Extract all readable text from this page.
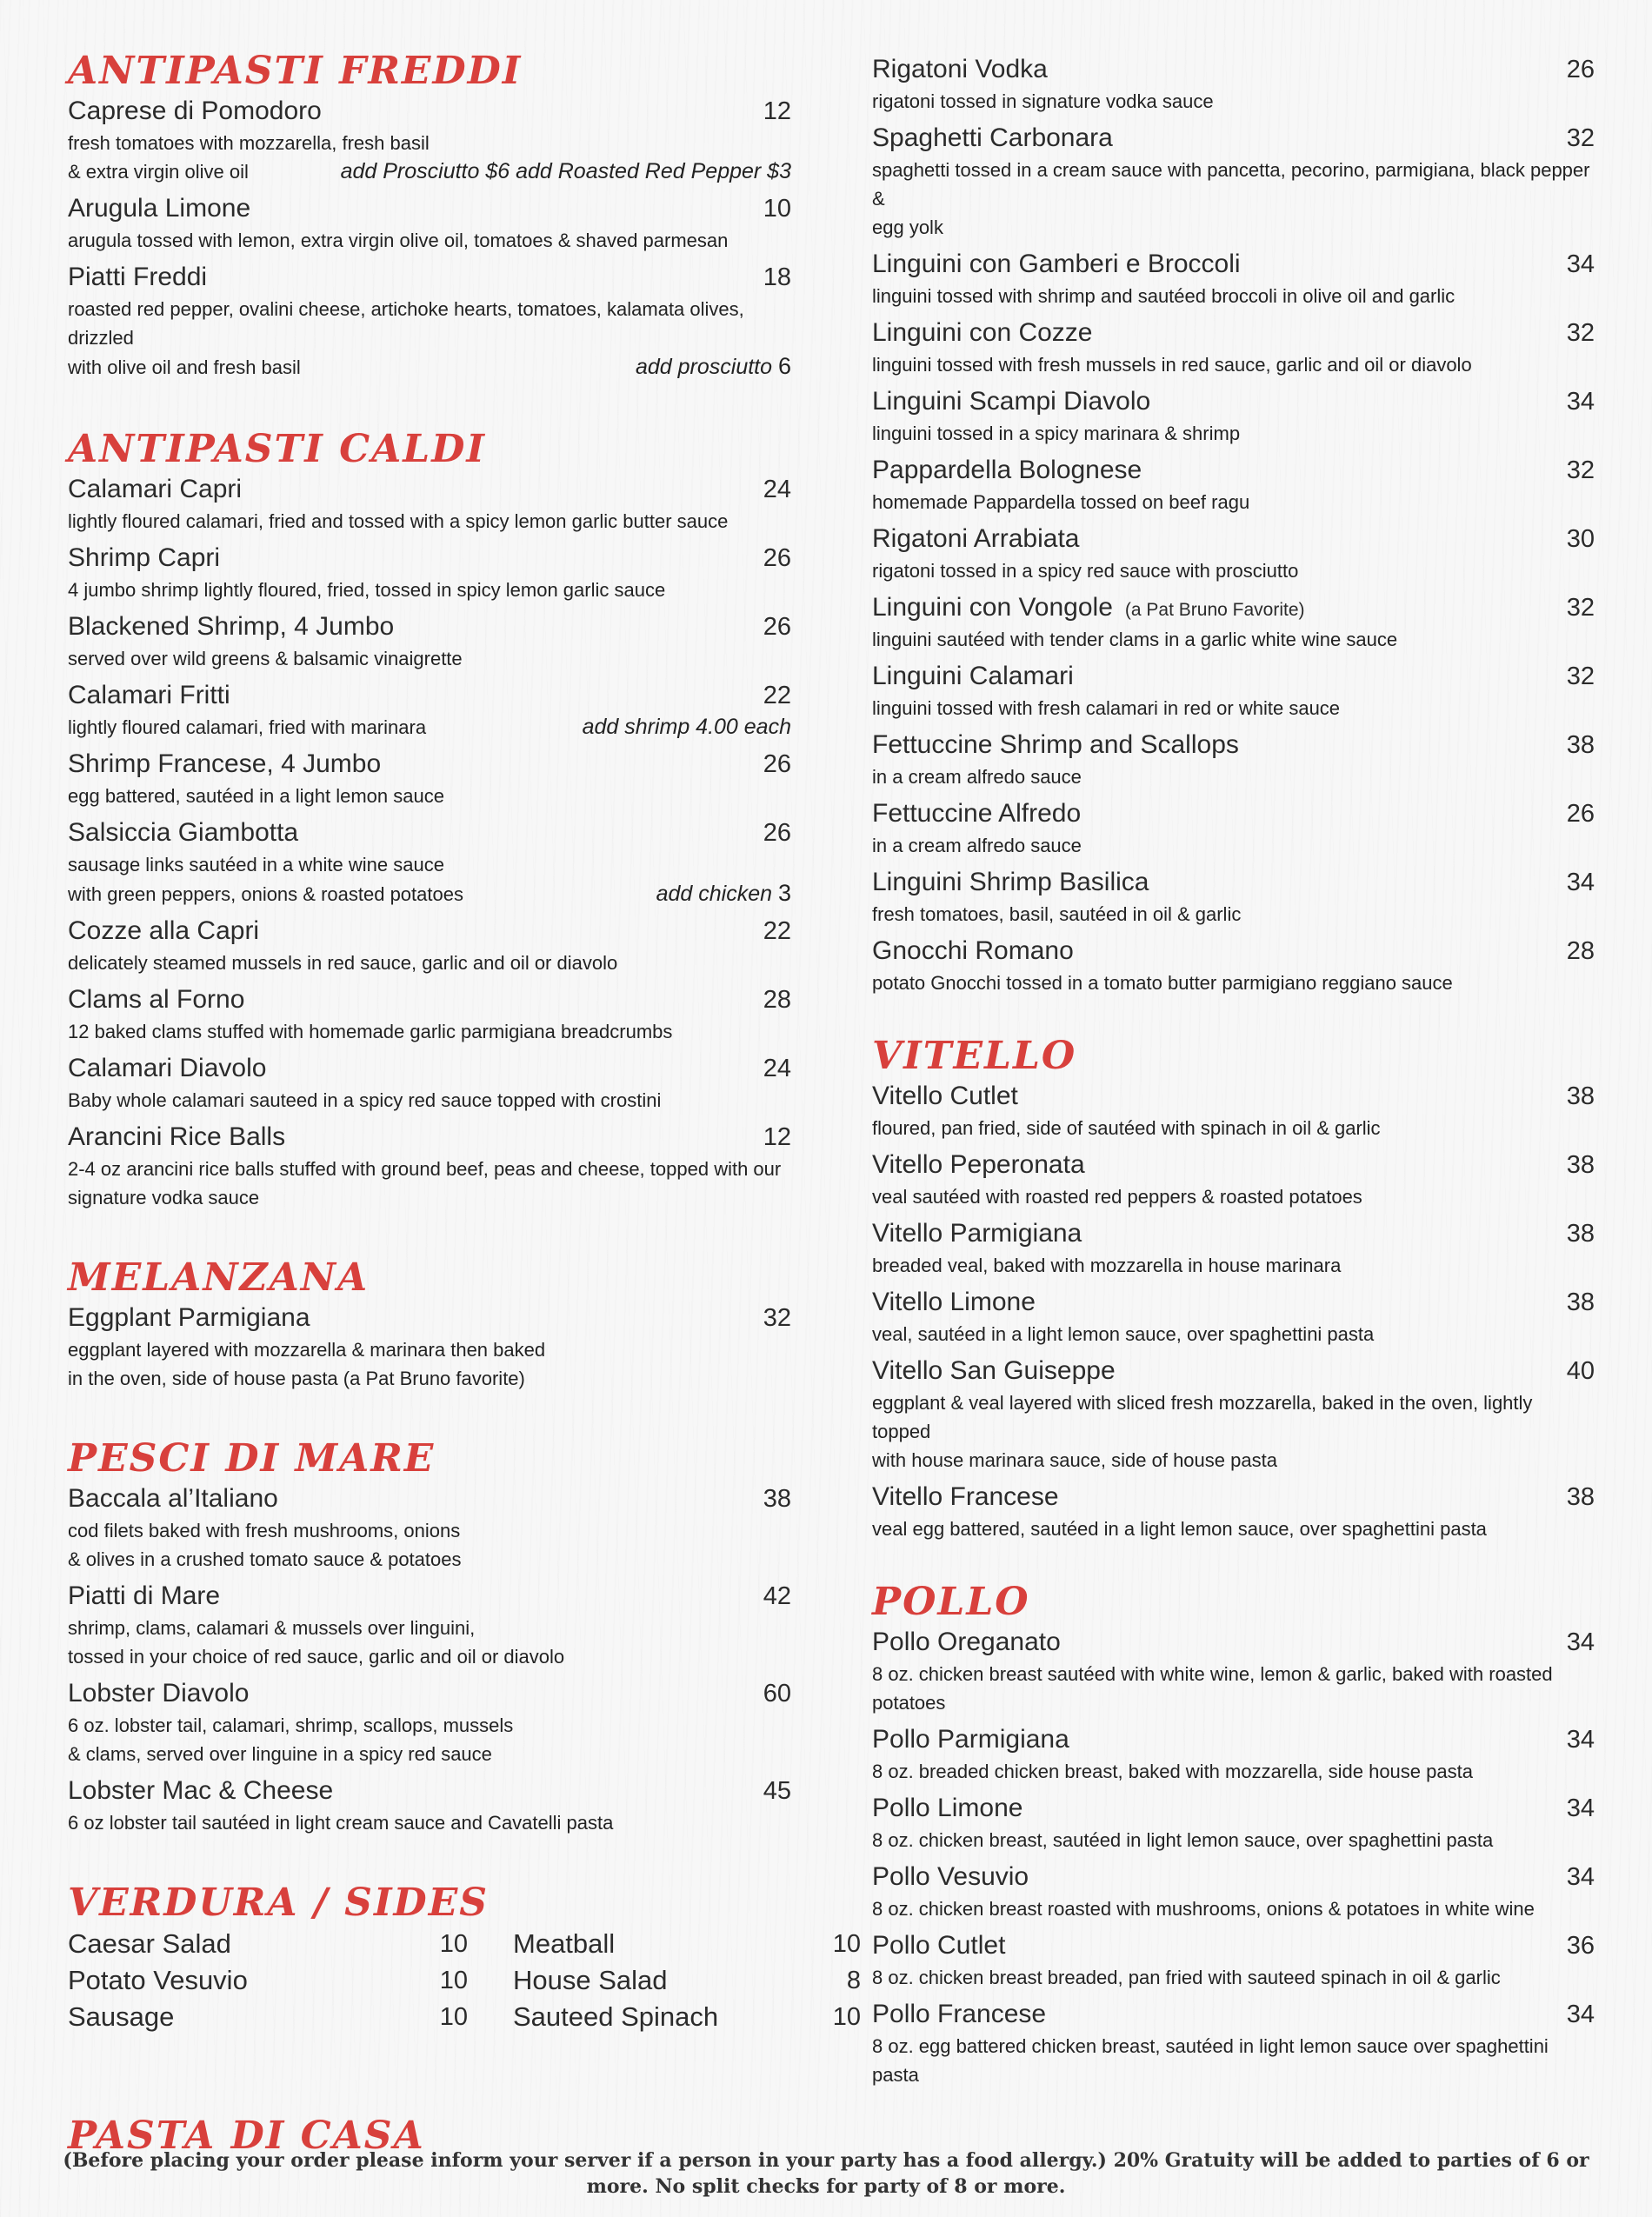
ANTIPASTI FREDDI
Caprese di Pomodoro	12
fresh tomatoes with mozzarella, fresh basil
& extra virgin olive oil	add Prosciutto $6 add Roasted Red Pepper $3
Arugula Limone	10
arugula tossed with lemon, extra virgin olive oil, tomatoes & shaved parmesan
Piatti Freddi	18
roasted red pepper, ovalini cheese, artichoke hearts, tomatoes, kalamata olives, drizzled
with olive oil and fresh basil	add prosciutto 6
ANTIPASTI CALDI
Calamari Capri	24
lightly floured calamari, fried and tossed with a spicy lemon garlic butter sauce
Shrimp Capri	26
4 jumbo shrimp lightly floured, fried, tossed in spicy lemon garlic sauce
Blackened Shrimp, 4 Jumbo	26
served over wild greens & balsamic vinaigrette
Calamari Fritti	22
lightly floured calamari, fried with marinara	add shrimp 4.00 each
Shrimp Francese, 4 Jumbo	26
egg battered, sautéed in a light lemon sauce
Salsiccia Giambotta	26
sausage links sautéed in a white wine sauce
with green peppers, onions & roasted potatoes	add chicken 3
Cozze alla Capri	22
delicately steamed mussels in red sauce, garlic and oil or diavolo
Clams al Forno	28
12 baked clams stuffed with homemade garlic parmigiana breadcrumbs
Calamari Diavolo	24
Baby whole calamari sauteed in a spicy red sauce topped with crostini
Arancini Rice Balls	12
2-4 oz arancini rice balls stuffed with ground beef, peas and cheese, topped with our
signature vodka sauce
MELANZANA
Eggplant Parmigiana	32
eggplant layered with mozzarella & marinara then baked
in the oven, side of house pasta (a Pat Bruno favorite)
PESCI DI MARE
Baccala al’Italiano	38
cod filets baked with fresh mushrooms, onions
& olives in a crushed tomato sauce & potatoes
Piatti di Mare	42
shrimp, clams, calamari & mussels over linguini,
tossed in your choice of red sauce, garlic and oil or diavolo
Lobster Diavolo	60
6 oz. lobster tail, calamari, shrimp, scallops, mussels
& clams, served over linguine in a spicy red sauce
Lobster Mac & Cheese	45
6 oz lobster tail sautéed in light cream sauce and Cavatelli pasta
VERDURA / SIDES
Caesar Salad	10 Meatball	10
Potato Vesuvio	10 House Salad	8
Sausage	10 Sauteed Spinach	10
Rigatoni Vodka	26
rigatoni tossed in signature vodka sauce
Spaghetti Carbonara	32
spaghetti tossed in a cream sauce with pancetta, pecorino, parmigiana, black pepper &
egg yolk
Linguini con Gamberi e Broccoli	34
linguini tossed with shrimp and sautéed broccoli in olive oil and garlic
Linguini con Cozze	32
linguini tossed with fresh mussels in red sauce, garlic and oil or diavolo
Linguini Scampi Diavolo	34
linguini tossed in a spicy marinara & shrimp
Pappardella Bolognese	32
homemade Pappardella tossed on beef ragu
Rigatoni Arrabiata	30
rigatoni tossed in a spicy red sauce with prosciutto
Linguini con Vongole (a Pat Bruno Favorite)	32
linguini sautéed with tender clams in a garlic white wine sauce
Linguini Calamari	32
linguini tossed with fresh calamari in red or white sauce
Fettuccine Shrimp and Scallops	38
in a cream alfredo sauce
Fettuccine Alfredo	26
in a cream alfredo sauce
Linguini Shrimp Basilica	34
fresh tomatoes, basil, sautéed in oil & garlic
Gnocchi Romano	28
potato Gnocchi tossed in a tomato butter parmigiano reggiano sauce
VITELLO
Vitello Cutlet	38
floured, pan fried, side of sautéed with spinach in oil & garlic
Vitello Peperonata	38
veal sautéed with roasted red peppers & roasted potatoes
Vitello Parmigiana	38
breaded veal, baked with mozzarella in house marinara
Vitello Limone	38
veal, sautéed in a light lemon sauce, over spaghettini pasta
Vitello San Guiseppe	40
eggplant & veal layered with sliced fresh mozzarella, baked in the oven, lightly topped
with house marinara sauce, side of house pasta
Vitello Francese	38
veal egg battered, sautéed in a light lemon sauce, over spaghettini pasta
POLLO
Pollo Oreganato	34
8 oz. chicken breast sautéed with white wine, lemon & garlic, baked with roasted
potatoes
Pollo Parmigiana	34
8 oz. breaded chicken breast, baked with mozzarella, side house pasta
Pollo Limone	34
8 oz. chicken breast, sautéed in light lemon sauce, over spaghettini pasta
Pollo Vesuvio	34
8 oz. chicken breast roasted with mushrooms, onions & potatoes in white wine
Pollo Cutlet	36
8 oz. chicken breast breaded, pan fried with sauteed spinach in oil & garlic
Pollo Francese	34
8 oz. egg battered chicken breast, sautéed in light lemon sauce over spaghettini pasta
PASTA DI CASA
(Before placing your order please inform your server if a person in your party has a food allergy.) 20% Gratuity will be added to parties of 6 or more. No split checks for party of 8 or more.
